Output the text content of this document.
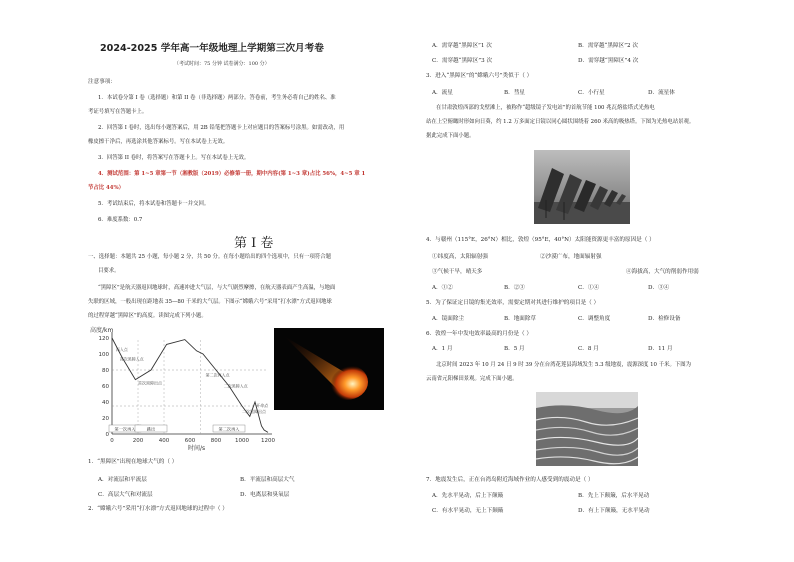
2024-2025 学年高一年级地理上学期第三次月考卷
（考试时间：75 分钟 试卷满分：100 分）
注意事项：
1．本试卷分第 I 卷（选择题）和第 II 卷（非选择题）两部分。答卷前，考生务必将自己的姓名、准
考证号填写在答题卡上。
2．回答第 I 卷时，选出每小题答案后，用 2B 铅笔把答题卡上对应题目的答案标号涂黑。如需改动，用
橡皮擦干净后，再选涂其他答案标号。写在本试卷上无效。
3．回答第 II 卷时，将答案写在答题卡上。写在本试卷上无效。
4．测试范围：第 1~5 章第一节（湘教版（2019）必修第一册，期中内容(第 1~3 章)占比 56%，4~5 章 1
节占比 44%）
5．考试结束后，将本试卷和答题卡一并交回。
6．难度系数：0.7
第 I 卷
一、选择题：本题共 25 小题，每小题 2 分，共 50 分。在每小题给出的四个选项中，只有一项符合题
目要求。
“黑障区”是航天器返回地球时，高速冲进大气层，与大气剧烈摩擦，在航天器表面产生高温，与地面
失联的区域，一般出现在距地表 35—80 千米的大气层。下图示“嫦娥六号”采用“打水漂”方式返回地球
的过程穿越“黑障区”的高度。读图完成下列小题。
高度/km
时间/s
0	200	400	600	800	1000 1200
0
20
40
60
80
100
120
第一次再入	跳出	第二次再入
再入点
首次黑障入点
首次黑障出点
第二次再入点
二次黑障入点
二次黑障出点
开伞点
1．“黑障区”出现在地球大气的（ ）
A．对流层和平流层	B．平流层和高层大气
C．高层大气和对流层	D．电离层和臭氧层
2．“嫦娥六号”采用“打水漂”方式返回地球的过程中（ ）
A．需穿越“黑障区”1 次	B．需穿越“黑障区”2 次
C．需穿越“黑障区”3 次	D．需穿越“黑障区”4 次
3．进入“黑障区”的“嫦娥六号”类似于（ ）
A．流星	B．彗星	C．小行星	D．流星体
在甘肃敦煌西部的戈壁滩上，被称作“超级镜子发电站”的首航节能 100 兆瓦熔盐塔式光热电
站在上空俯瞰时形如向日葵，约 1.2 万多面定日镜以同心圆状围绕着 260 米高的吸热塔。下图为光热电站景观。
据此完成下面小题。
4．与赣州（115°E，26°N）相比，敦煌（95°E，40°N）太阳能资源更丰富的原因是（ ）
①纬度高，太阳辐射强	②沙漠广布，地面辐射强
③气候干旱，晴天多	④海拔高，大气的削弱作用弱
A．①②	B．②③	C．①④	D．③④
5．为了保证定日镜的集光效率，需要定期对其进行维护的项目是（ ）
A．镜面除尘	B．地面除草	C．调整角度	D．检修设备
6．敦煌一年中发电效率最高的月份是（ ）
A．1 月	B．5 月	C．8 月	D．11 月
北京时间 2023 年 10 月 24 日 9 时 39 分在台湾花莲县海域发生 5.3 级地震，震源深度 10 千米。下图为
云南省元阳梯田景观。完成下面小题。
7．地震发生后，正在台湾岛附近海域作业的人感受到的震动是（ ）
A．先水平晃动，后上下颠簸	B．先上下颠簸，后水平晃动
C．有水平晃动，无上下颠簸	D．有上下颠簸，无水平晃动
